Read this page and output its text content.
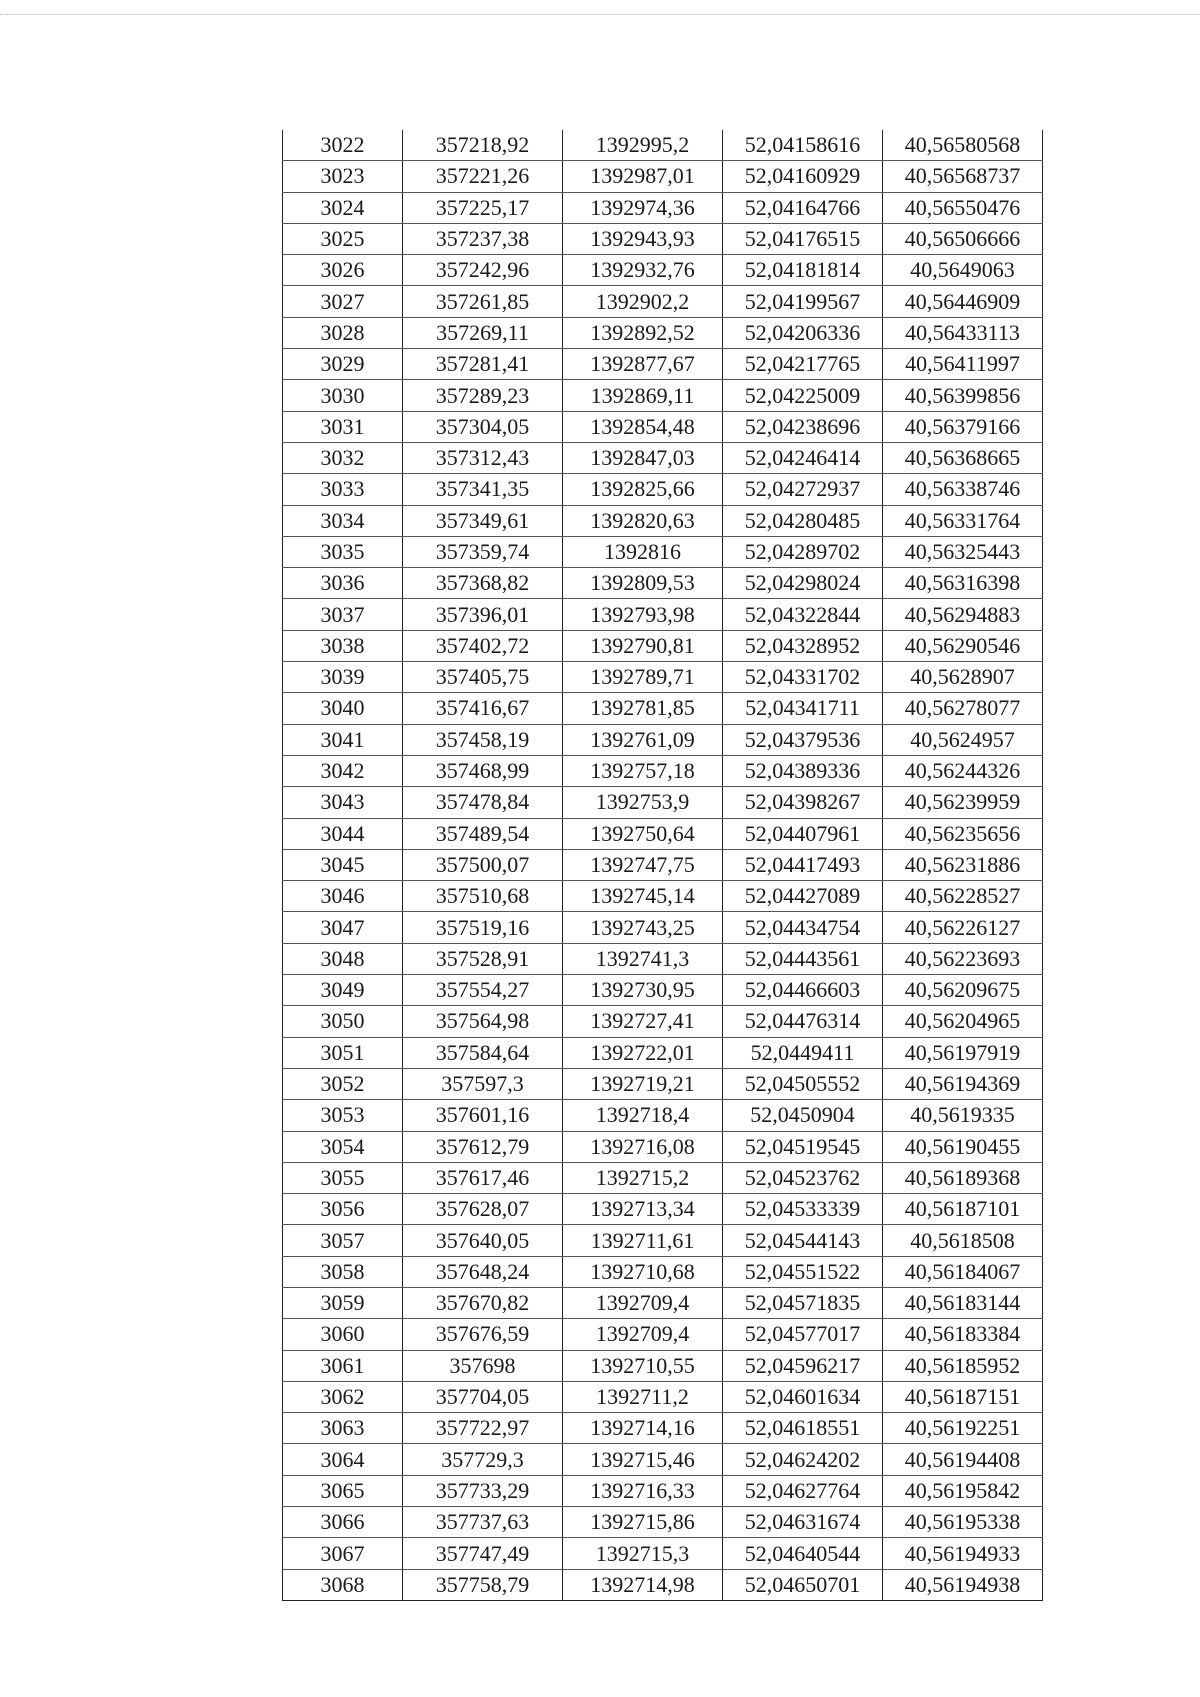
3022	357218,92	1392995,2	52,04158616	40,56580568
3023	357221,26	1392987,01	52,04160929	40,56568737
3024	357225,17	1392974,36	52,04164766	40,56550476
3025	357237,38	1392943,93	52,04176515	40,56506666
3026	357242,96	1392932,76	52,04181814	40,5649063
3027	357261,85	1392902,2	52,04199567	40,56446909
3028	357269,11	1392892,52	52,04206336	40,56433113
3029	357281,41	1392877,67	52,04217765	40,56411997
3030	357289,23	1392869,11	52,04225009	40,56399856
3031	357304,05	1392854,48	52,04238696	40,56379166
3032	357312,43	1392847,03	52,04246414	40,56368665
3033	357341,35	1392825,66	52,04272937	40,56338746
3034	357349,61	1392820,63	52,04280485	40,56331764
3035	357359,74	1392816	52,04289702	40,56325443
3036	357368,82	1392809,53	52,04298024	40,56316398
3037	357396,01	1392793,98	52,04322844	40,56294883
3038	357402,72	1392790,81	52,04328952	40,56290546
3039	357405,75	1392789,71	52,04331702	40,5628907
3040	357416,67	1392781,85	52,04341711	40,56278077
3041	357458,19	1392761,09	52,04379536	40,5624957
3042	357468,99	1392757,18	52,04389336	40,56244326
3043	357478,84	1392753,9	52,04398267	40,56239959
3044	357489,54	1392750,64	52,04407961	40,56235656
3045	357500,07	1392747,75	52,04417493	40,56231886
3046	357510,68	1392745,14	52,04427089	40,56228527
3047	357519,16	1392743,25	52,04434754	40,56226127
3048	357528,91	1392741,3	52,04443561	40,56223693
3049	357554,27	1392730,95	52,04466603	40,56209675
3050	357564,98	1392727,41	52,04476314	40,56204965
3051	357584,64	1392722,01	52,0449411	40,56197919
3052	357597,3	1392719,21	52,04505552	40,56194369
3053	357601,16	1392718,4	52,0450904	40,5619335
3054	357612,79	1392716,08	52,04519545	40,56190455
3055	357617,46	1392715,2	52,04523762	40,56189368
3056	357628,07	1392713,34	52,04533339	40,56187101
3057	357640,05	1392711,61	52,04544143	40,5618508
3058	357648,24	1392710,68	52,04551522	40,56184067
3059	357670,82	1392709,4	52,04571835	40,56183144
3060	357676,59	1392709,4	52,04577017	40,56183384
3061	357698	1392710,55	52,04596217	40,56185952
3062	357704,05	1392711,2	52,04601634	40,56187151
3063	357722,97	1392714,16	52,04618551	40,56192251
3064	357729,3	1392715,46	52,04624202	40,56194408
3065	357733,29	1392716,33	52,04627764	40,56195842
3066	357737,63	1392715,86	52,04631674	40,56195338
3067	357747,49	1392715,3	52,04640544	40,56194933
3068	357758,79	1392714,98	52,04650701	40,56194938
